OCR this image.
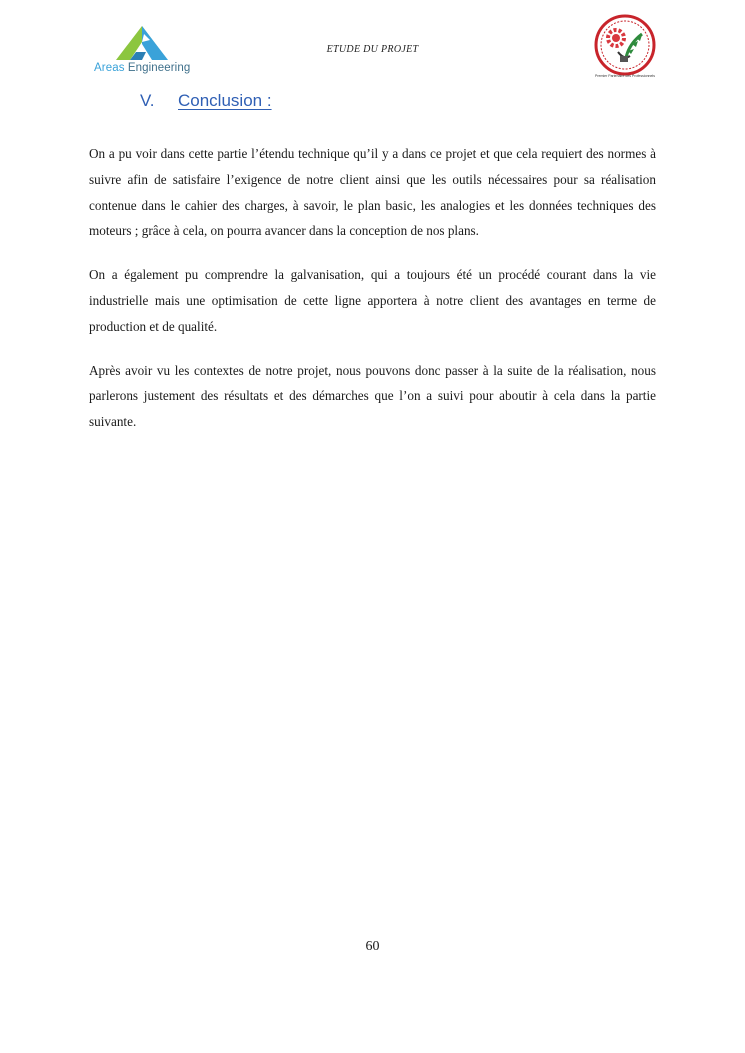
Areas Engineering
ETUDE DU PROJET
Premier Partenaire des Professionnels
V. Conclusion :

On a pu voir dans cette partie l’étendu technique qu’il y a dans ce projet et que cela requiert des normes à suivre afin de satisfaire l’exigence de notre client ainsi que les outils nécessaires pour sa réalisation contenue dans le cahier des charges, à savoir, le plan basic, les analogies et les données techniques des moteurs ; grâce à cela, on pourra avancer dans la conception de nos plans.

On a également pu comprendre la galvanisation, qui a toujours été un procédé courant dans la vie industrielle mais une optimisation de cette ligne apportera à notre client des avantages en terme de production et de qualité.

Après avoir vu les contextes de notre projet, nous pouvons donc passer à la suite de la réalisation, nous parlerons justement des résultats et des démarches que l’on a suivi pour aboutir à cela dans la partie suivante.

60
